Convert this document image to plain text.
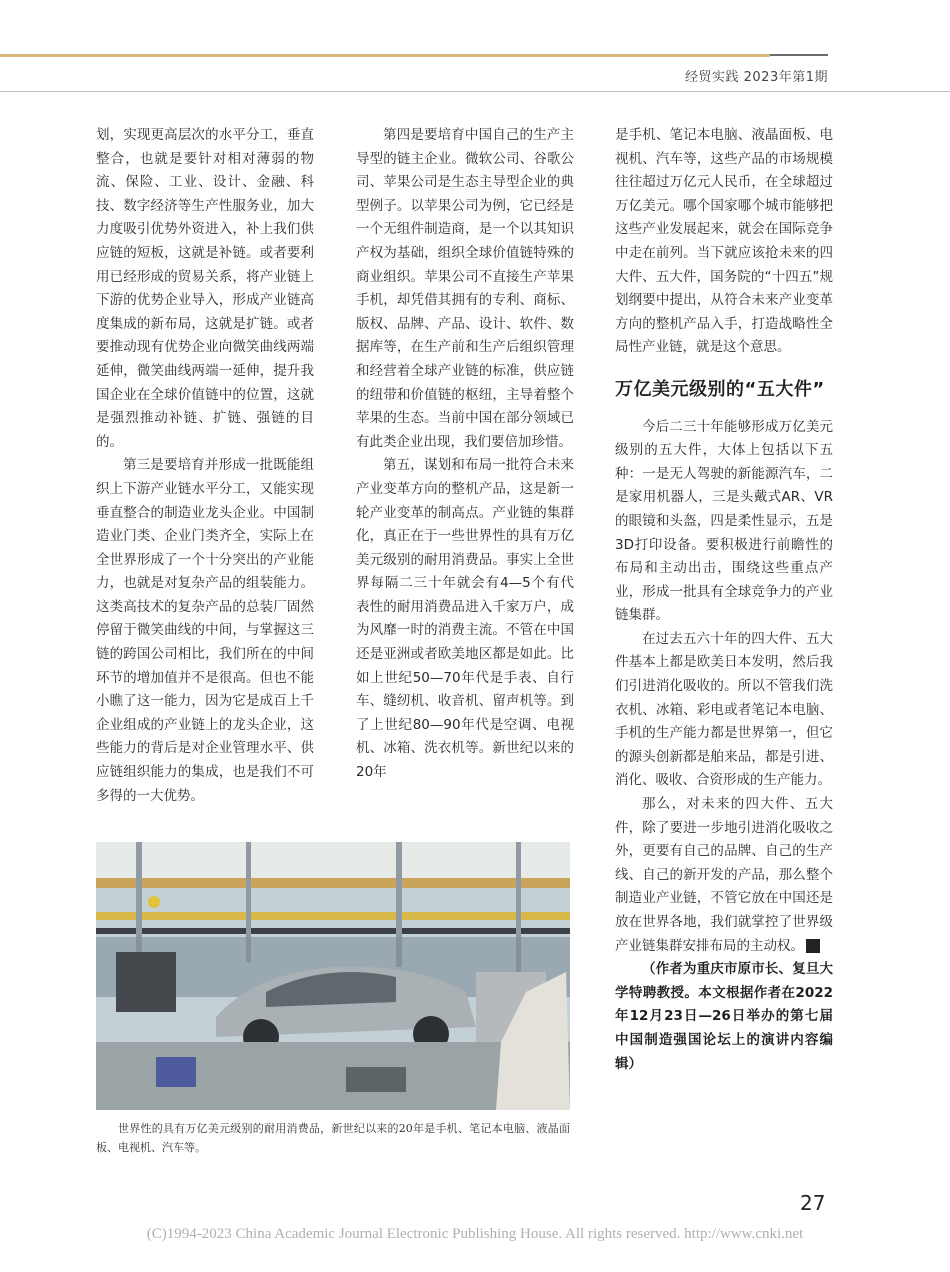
经贸实践 2023年第1期

划，实现更高层次的水平分工，垂直整合，也就是要针对相对薄弱的物流、保险、工业、设计、金融、科技、数字经济等生产性服务业，加大力度吸引优势外资进入，补上我们供应链的短板，这就是补链。或者要利用已经形成的贸易关系，将产业链上下游的优势企业导入，形成产业链高度集成的新布局，这就是扩链。或者要推动现有优势企业向微笑曲线两端延伸，微笑曲线两端一延伸，提升我国企业在全球价值链中的位置，这就是强烈推动补链、扩链、强链的目的。

第三是要培育并形成一批既能组织上下游产业链水平分工，又能实现垂直整合的制造业龙头企业。中国制造业门类、企业门类齐全，实际上在全世界形成了一个十分突出的产业能力，也就是对复杂产品的组装能力。这类高技术的复杂产品的总装厂固然停留于微笑曲线的中间，与掌握这三链的跨国公司相比，我们所在的中间环节的增加值并不是很高。但也不能小瞧了这一能力，因为它是成百上千企业组成的产业链上的龙头企业，这些能力的背后是对企业管理水平、供应链组织能力的集成，也是我们不可多得的一大优势。

第四是要培育中国自己的生产主导型的链主企业。微软公司、谷歌公司、苹果公司是生态主导型企业的典型例子。以苹果公司为例，它已经是一个无组件制造商，是一个以其知识产权为基础，组织全球价值链特殊的商业组织。苹果公司不直接生产苹果手机，却凭借其拥有的专利、商标、版权、品牌、产品、设计、软件、数据库等，在生产前和生产后组织管理和经营着全球产业链的标准，供应链的纽带和价值链的枢纽，主导着整个苹果的生态。当前中国在部分领域已有此类企业出现，我们要倍加珍惜。

第五，谋划和布局一批符合未来产业变革方向的整机产品，这是新一轮产业变革的制高点。产业链的集群化，真正在于一些世界性的具有万亿美元级别的耐用消费品。事实上全世界每隔二三十年就会有4—5个有代表性的耐用消费品进入千家万户，成为风靡一时的消费主流。不管在中国还是亚洲或者欧美地区都是如此。比如上世纪50—70年代是手表、自行车、缝纫机、收音机、留声机等。到了上世纪80—90年代是空调、电视机、冰箱、洗衣机等。新世纪以来的20年

是手机、笔记本电脑、液晶面板、电视机、汽车等，这些产品的市场规模往往超过万亿元人民币，在全球超过万亿美元。哪个国家哪个城市能够把这些产业发展起来，就会在国际竞争中走在前列。当下就应该抢未来的四大件、五大件，国务院的“十四五”规划纲要中提出，从符合未来产业变革方向的整机产品入手，打造战略性全局性产业链，就是这个意思。

万亿美元级别的“五大件”

今后二三十年能够形成万亿美元级别的五大件，大体上包括以下五种：一是无人驾驶的新能源汽车，二是家用机器人，三是头戴式AR、VR的眼镜和头盔，四是柔性显示，五是3D打印设备。要积极进行前瞻性的布局和主动出击，围绕这些重点产业，形成一批具有全球竞争力的产业链集群。

在过去五六十年的四大件、五大件基本上都是欧美日本发明，然后我们引进消化吸收的。所以不管我们洗衣机、冰箱、彩电或者笔记本电脑、手机的生产能力都是世界第一，但它的源头创新都是舶来品，都是引进、消化、吸收、合资形成的生产能力。

那么，对未来的四大件、五大件，除了要进一步地引进消化吸收之外，更要有自己的品牌、自己的生产线、自己的新开发的产品，那么整个制造业产业链，不管它放在中国还是放在世界各地，我们就掌控了世界级产业链集群安排布局的主动权。	经

（作者为重庆市原市长、复旦大学特聘教授。本文根据作者在2022年12月23日—26日举办的第七届中国制造强国论坛上的演讲内容编辑）

世界性的具有万亿美元级别的耐用消费品，新世纪以来的20年是手机、笔记本电脑、液晶面板、电视机、汽车等。
27
(C)1994-2023 China Academic Journal Electronic Publishing House. All rights reserved. http://www.cnki.net
